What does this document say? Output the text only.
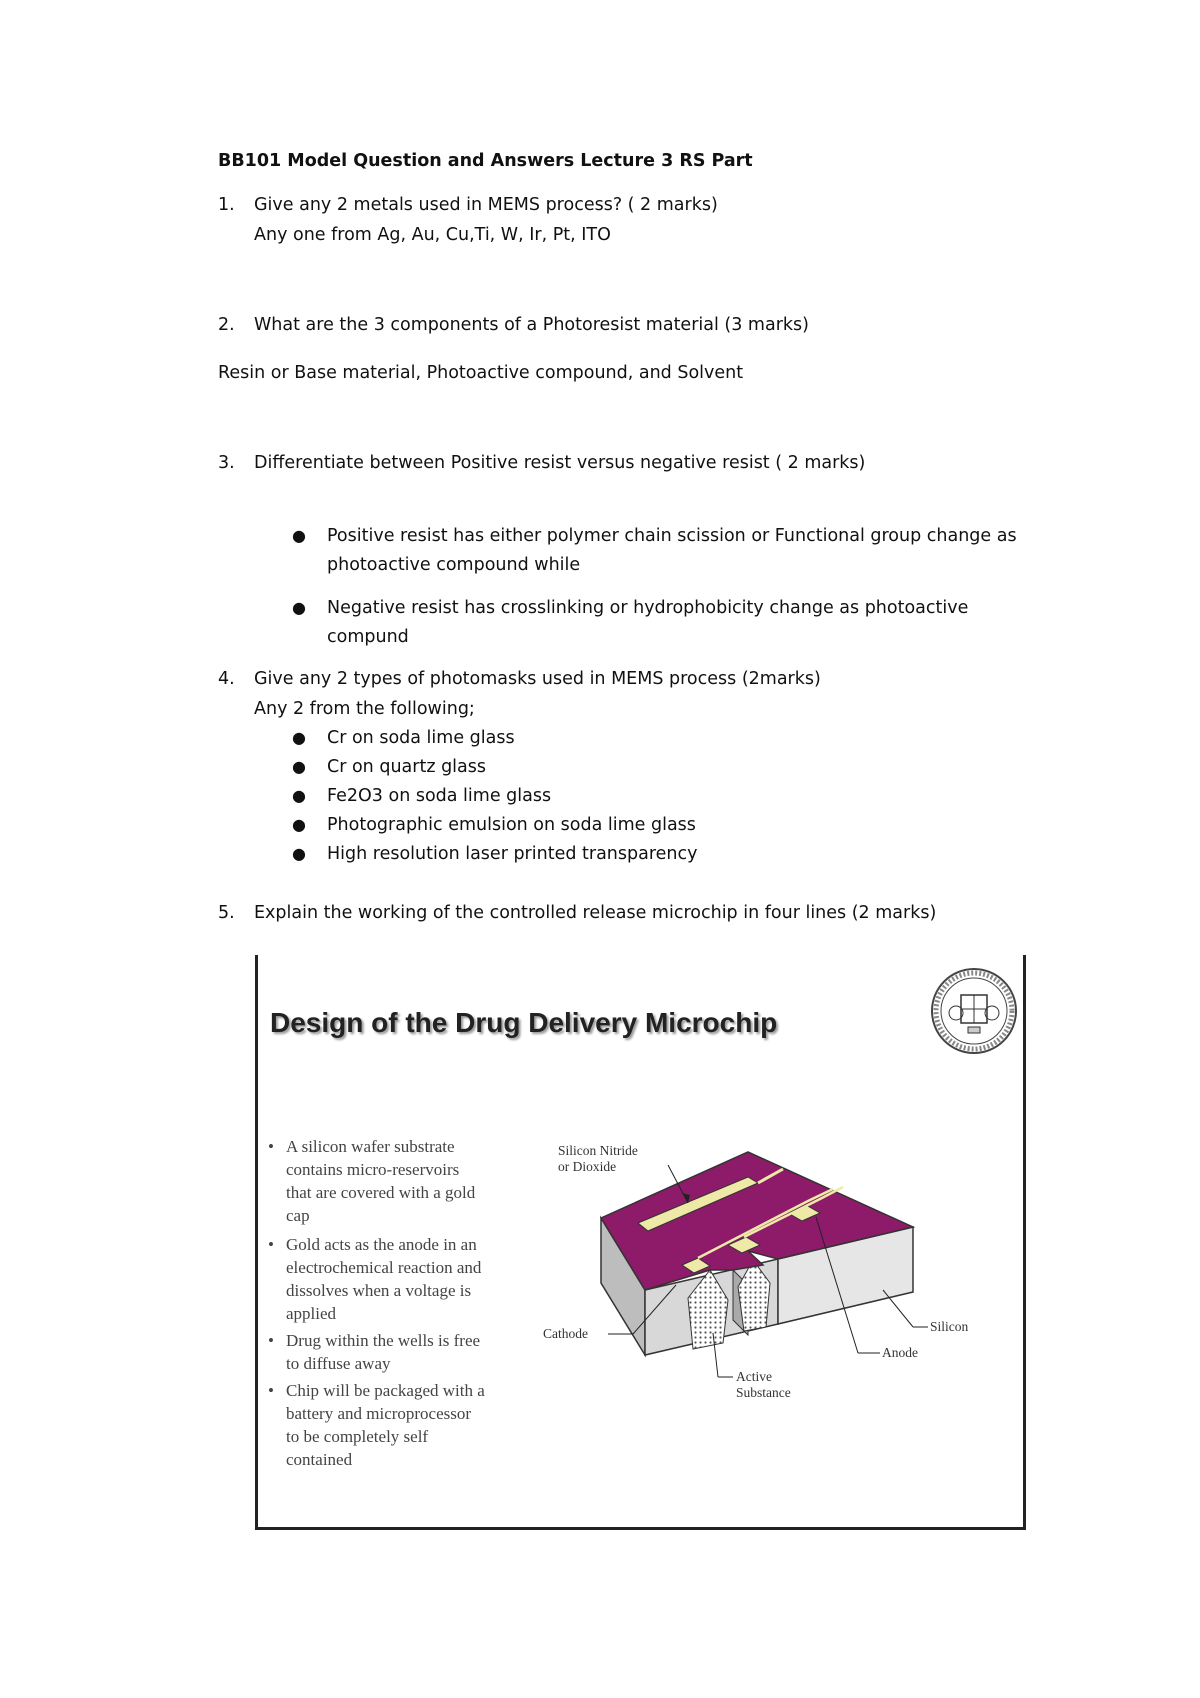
BB101 Model Question and Answers Lecture 3 RS Part
1. Give any 2 metals used in MEMS process? ( 2 marks)
Any one from Ag, Au, Cu,Ti, W, Ir, Pt, ITO
2. What are the 3 components of a Photoresist material (3 marks)
Resin or Base material, Photoactive compound, and Solvent
3. Differentiate between Positive resist versus negative resist ( 2 marks)
● Positive resist has either polymer chain scission or Functional group change as
photoactive compound while
● Negative resist has crosslinking or hydrophobicity change as photoactive
compund
4. Give any 2 types of photomasks used in MEMS process (2marks)
Any 2 from the following;
● Cr on soda lime glass
● Cr on quartz glass
● Fe2O3 on soda lime glass
● Photographic emulsion on soda lime glass
● High resolution laser printed transparency
5. Explain the working of the controlled release microchip in four lines (2 marks)
Design of the Drug Delivery Microchip
• A silicon wafer substrate
contains micro-reservoirs
that are covered with a gold
cap
• Gold acts as the anode in an
electrochemical reaction and
dissolves when a voltage is
applied
• Drug within the wells is free
to diffuse away
• Chip will be packaged with a
battery and microprocessor
to be completely self
contained
Silicon Nitride
or Dioxide
Cathode	Silicon
Anode
Active
Substance
